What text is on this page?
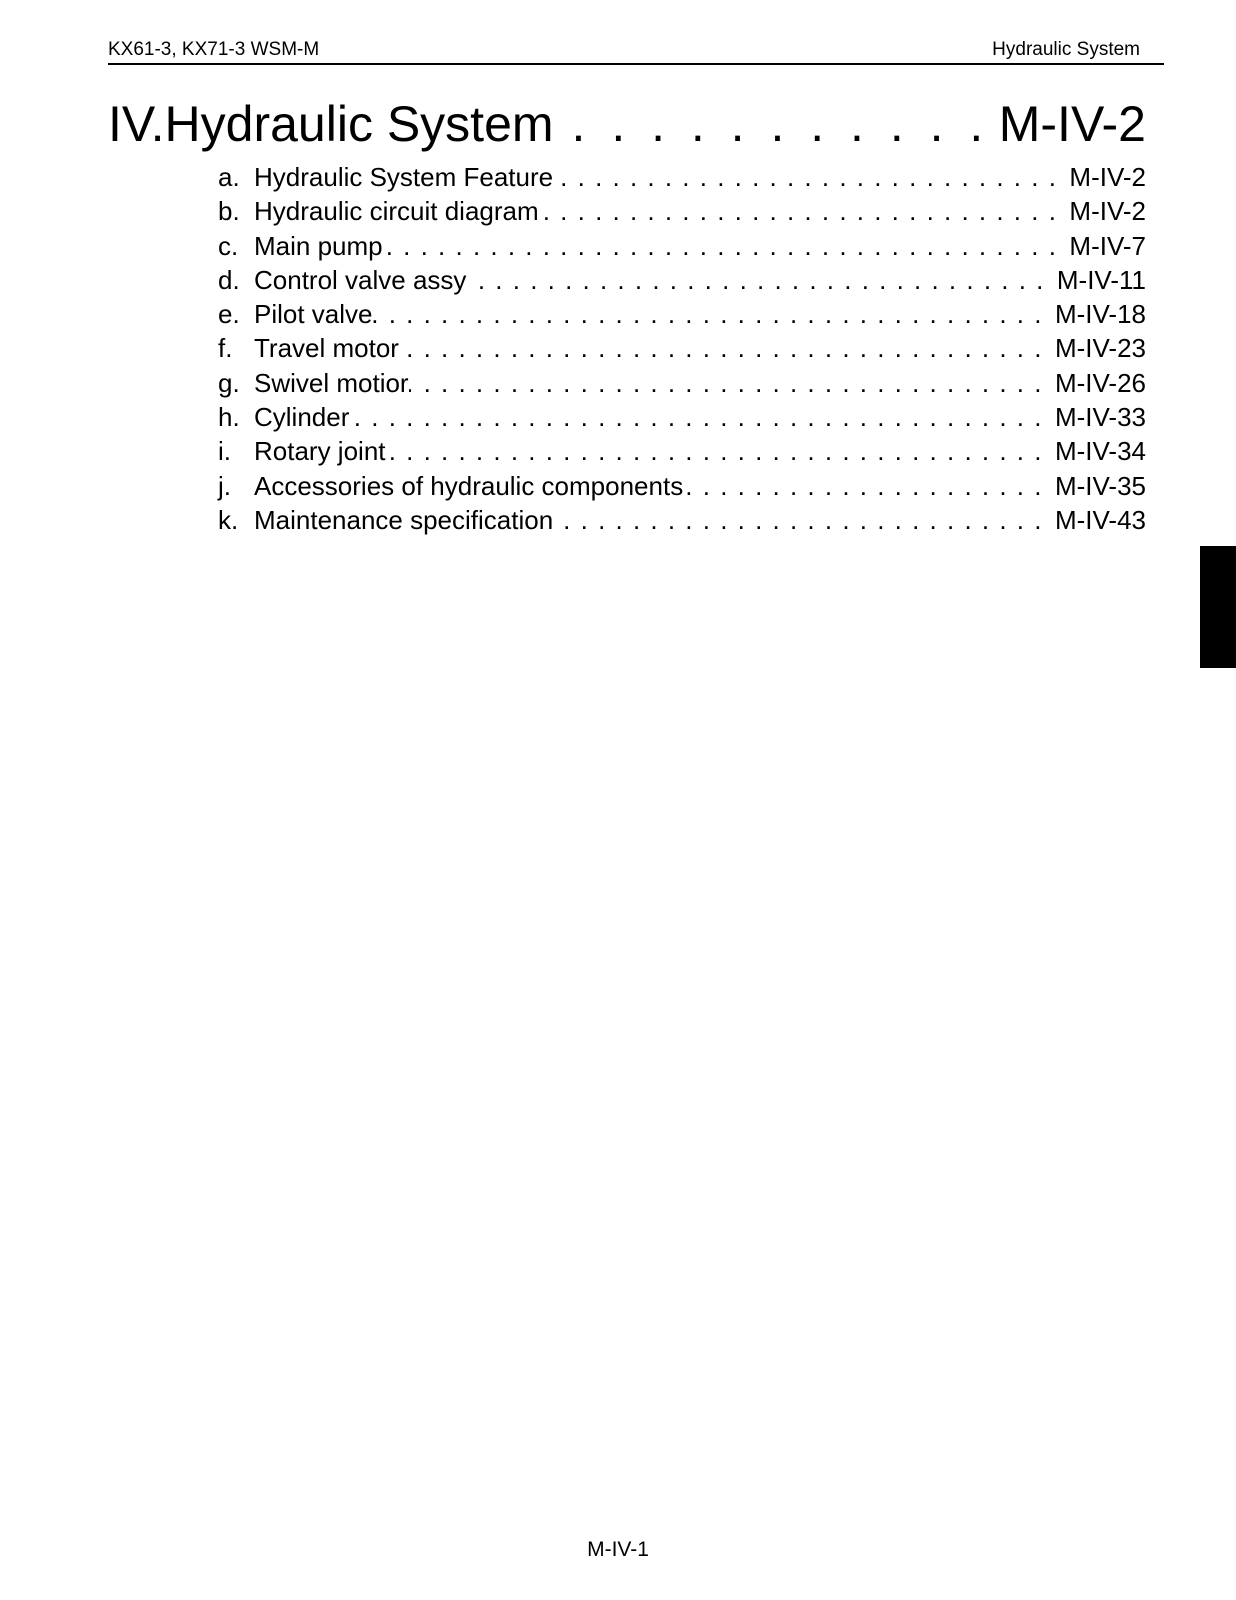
KX61-3, KX71-3 WSM-M	Hydraulic System
IV.Hydraulic System . . .	M-IV-2
a. Hydraulic System Feature . . .	M-IV-2
b. Hydraulic circuit diagram . . .	M-IV-2
c. Main pump . . .	M-IV-7
d. Control valve assy . . .	M-IV-11
e. Pilot valve . . .	M-IV-18
f. Travel motor . . .	M-IV-23
g. Swivel motior . . .	M-IV-26
h. Cylinder . . .	M-IV-33
i. Rotary joint . . .	M-IV-34
j. Accessories of hydraulic components . . .	M-IV-35
k. Maintenance specification . . .	M-IV-43
M-IV-1
